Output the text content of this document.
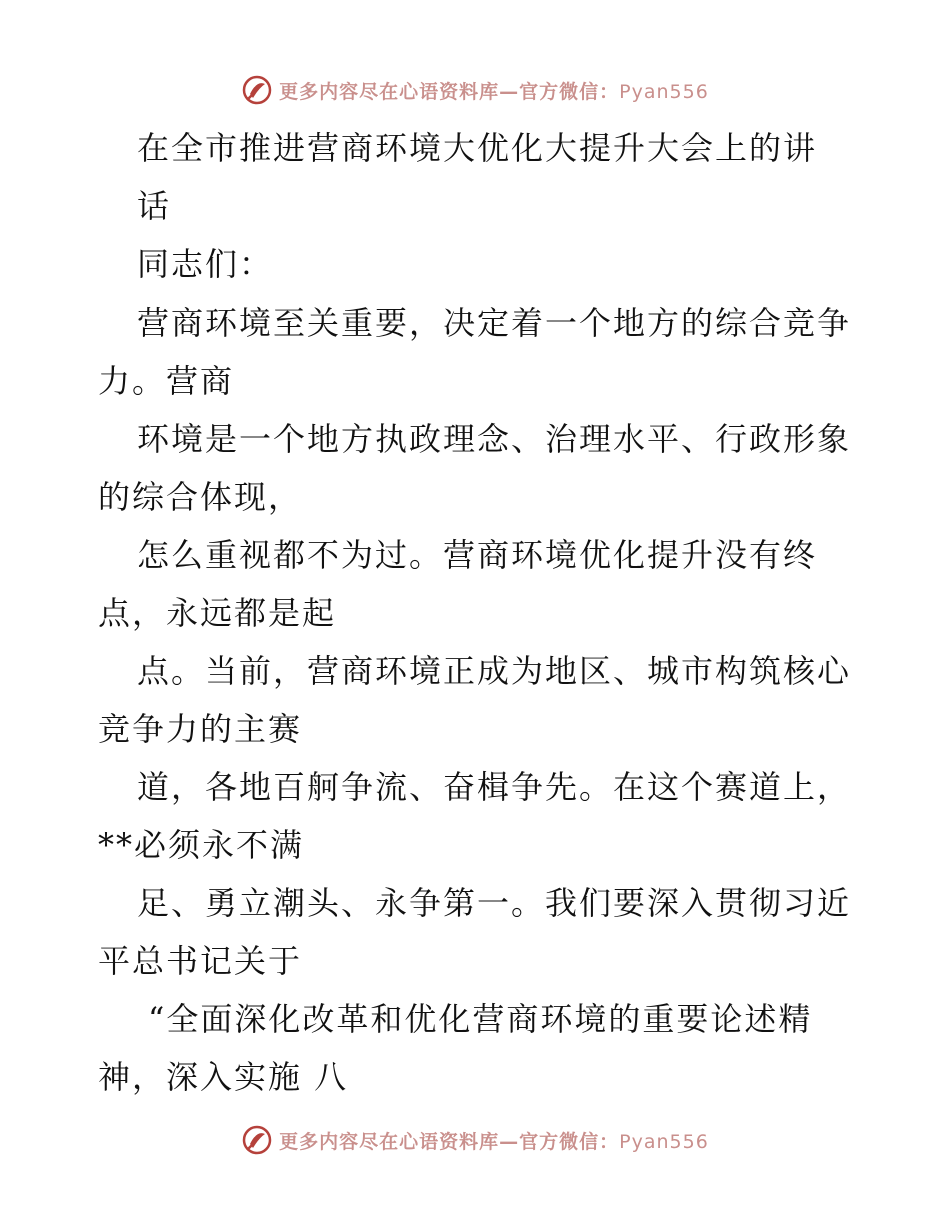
更多内容尽在心语资料库—官方微信：Pyan556
在全市推进营商环境大优化大提升大会上的讲
话
同志们：
营商环境至关重要，决定着一个地方的综合竞争
力。营商
环境是一个地方执政理念、治理水平、行政形象
的综合体现，
怎么重视都不为过。营商环境优化提升没有终
点，永远都是起
点。当前，营商环境正成为地区、城市构筑核心
竞争力的主赛
道，各地百舸争流、奋楫争先。在这个赛道上，
**必须永不满
足、勇立潮头、永争第一。我们要深入贯彻习近
平总书记关于
“全面深化改革和优化营商环境的重要论述精
神，深入实施 八
更多内容尽在心语资料库—官方微信：Pyan556
